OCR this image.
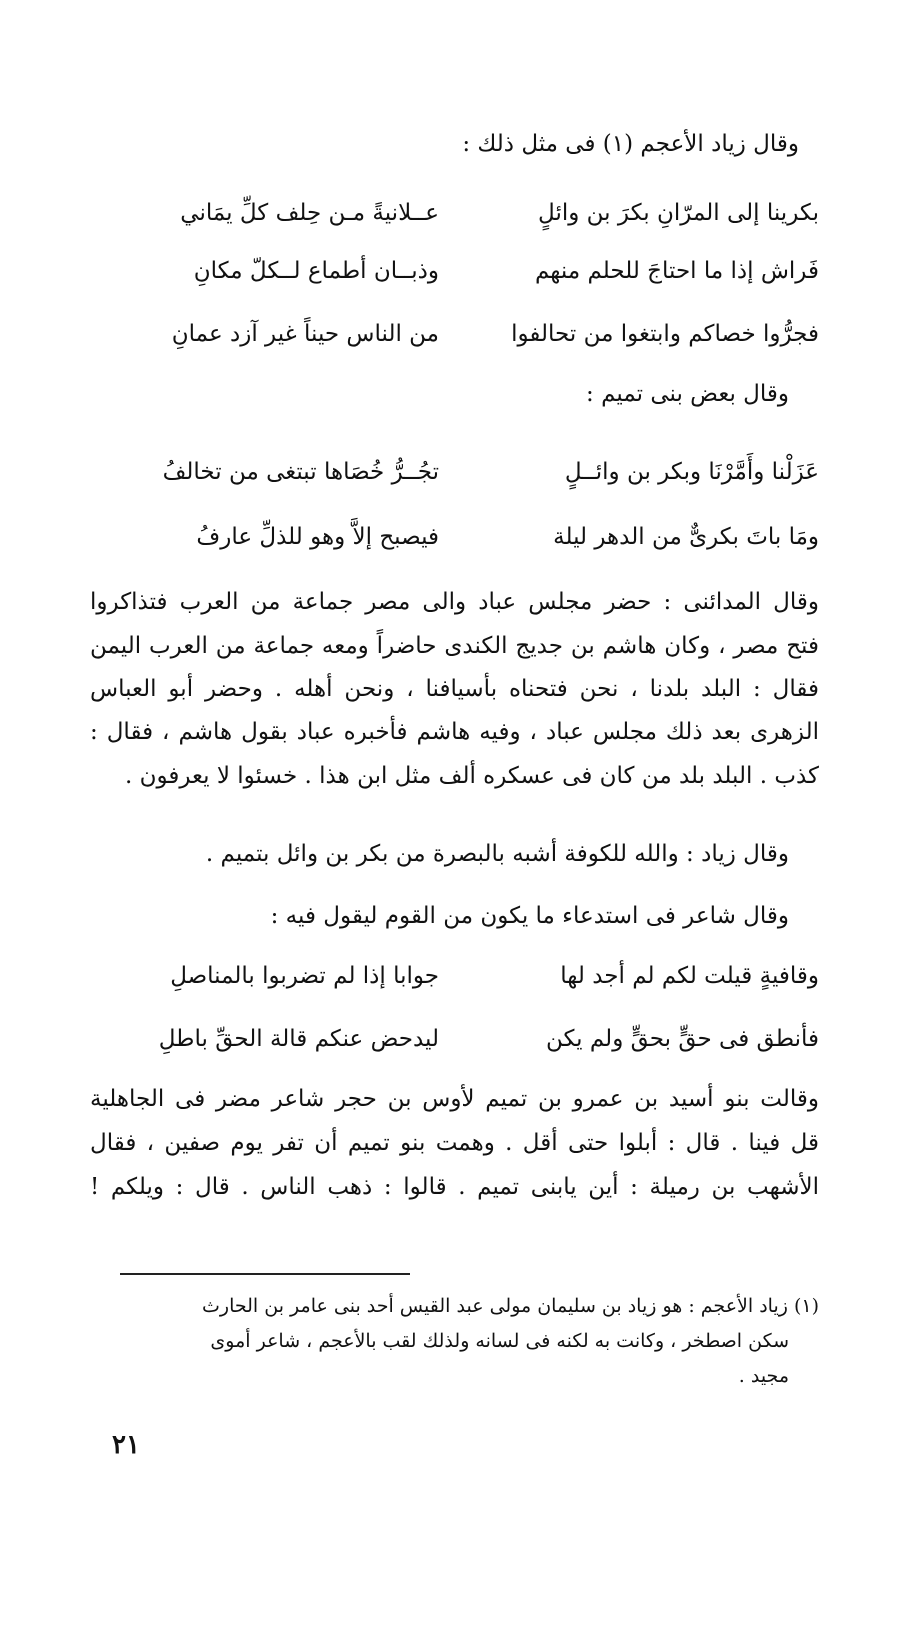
وقال زياد الأعجم (١) فى مثل ذلك :
بكرينا إلى المرّانِ بكرَ بن وائلٍ
عــلانيةً مـن حِلف كلِّ يمَاني
فَراش إذا ما احتاجَ للحلم منهم
وذبــان أطماع لــكلّ مكانِ
فجرُّوا خصاكم وابتغوا من تحالفوا
من الناس حيناً غير آزد عمانِ
وقال بعض بنى تميم :
عَزَلْنا وأَمَّرْنَا وبكر بن وائــلٍ
تجُــرُّ خُصَاها تبتغى من تخالفُ
ومَا باتَ بكرىٌّ من الدهر ليلة
فيصبح إلاَّ وهو للذلِّ عارفُ
وقال المدائنى : حضر مجلس عباد والى مصر جماعة من العرب فتذاكروا
فتح مصر ، وكان هاشم بن جديج الكندى حاضراً ومعه جماعة من العرب اليمن
فقال : البلد بلدنا ، نحن فتحناه بأسيافنا ، ونحن أهله . وحضر أبو العباس
الزهرى بعد ذلك مجلس عباد ، وفيه هاشم فأخبره عباد بقول هاشم ، فقال :
كذب . البلد بلد من كان فى عسكره ألف مثل ابن هذا . خسئوا لا يعرفون .
وقال زياد : والله للكوفة أشبه بالبصرة من بكر بن وائل بتميم .
وقال شاعر فى استدعاء ما يكون من القوم ليقول فيه :
وقافيةٍ قيلت لكم لم أجد لها
جوابا إذا لم تضربوا بالمناصلِ
فأنطق فى حقٍّ بحقٍّ ولم يكن
ليدحض عنكم قالة الحقِّ باطلِ
وقالت بنو أسيد بن عمرو بن تميم لأوس بن حجر شاعر مضر فى الجاهلية
قل فينا . قال : أبلوا حتى أقل . وهمت بنو تميم أن تفر يوم صفين ، فقال
الأشهب بن رميلة : أين يابنى تميم . قالوا : ذهب الناس . قال : ويلكم !
(١) زياد الأعجم : هو زياد بن سليمان مولى عبد القيس أحد بنى عامر بن الحارث
سكن اصطخر ، وكانت به لكنه فى لسانه ولذلك لقب بالأعجم ، شاعر أموى
مجيد .
٢١
